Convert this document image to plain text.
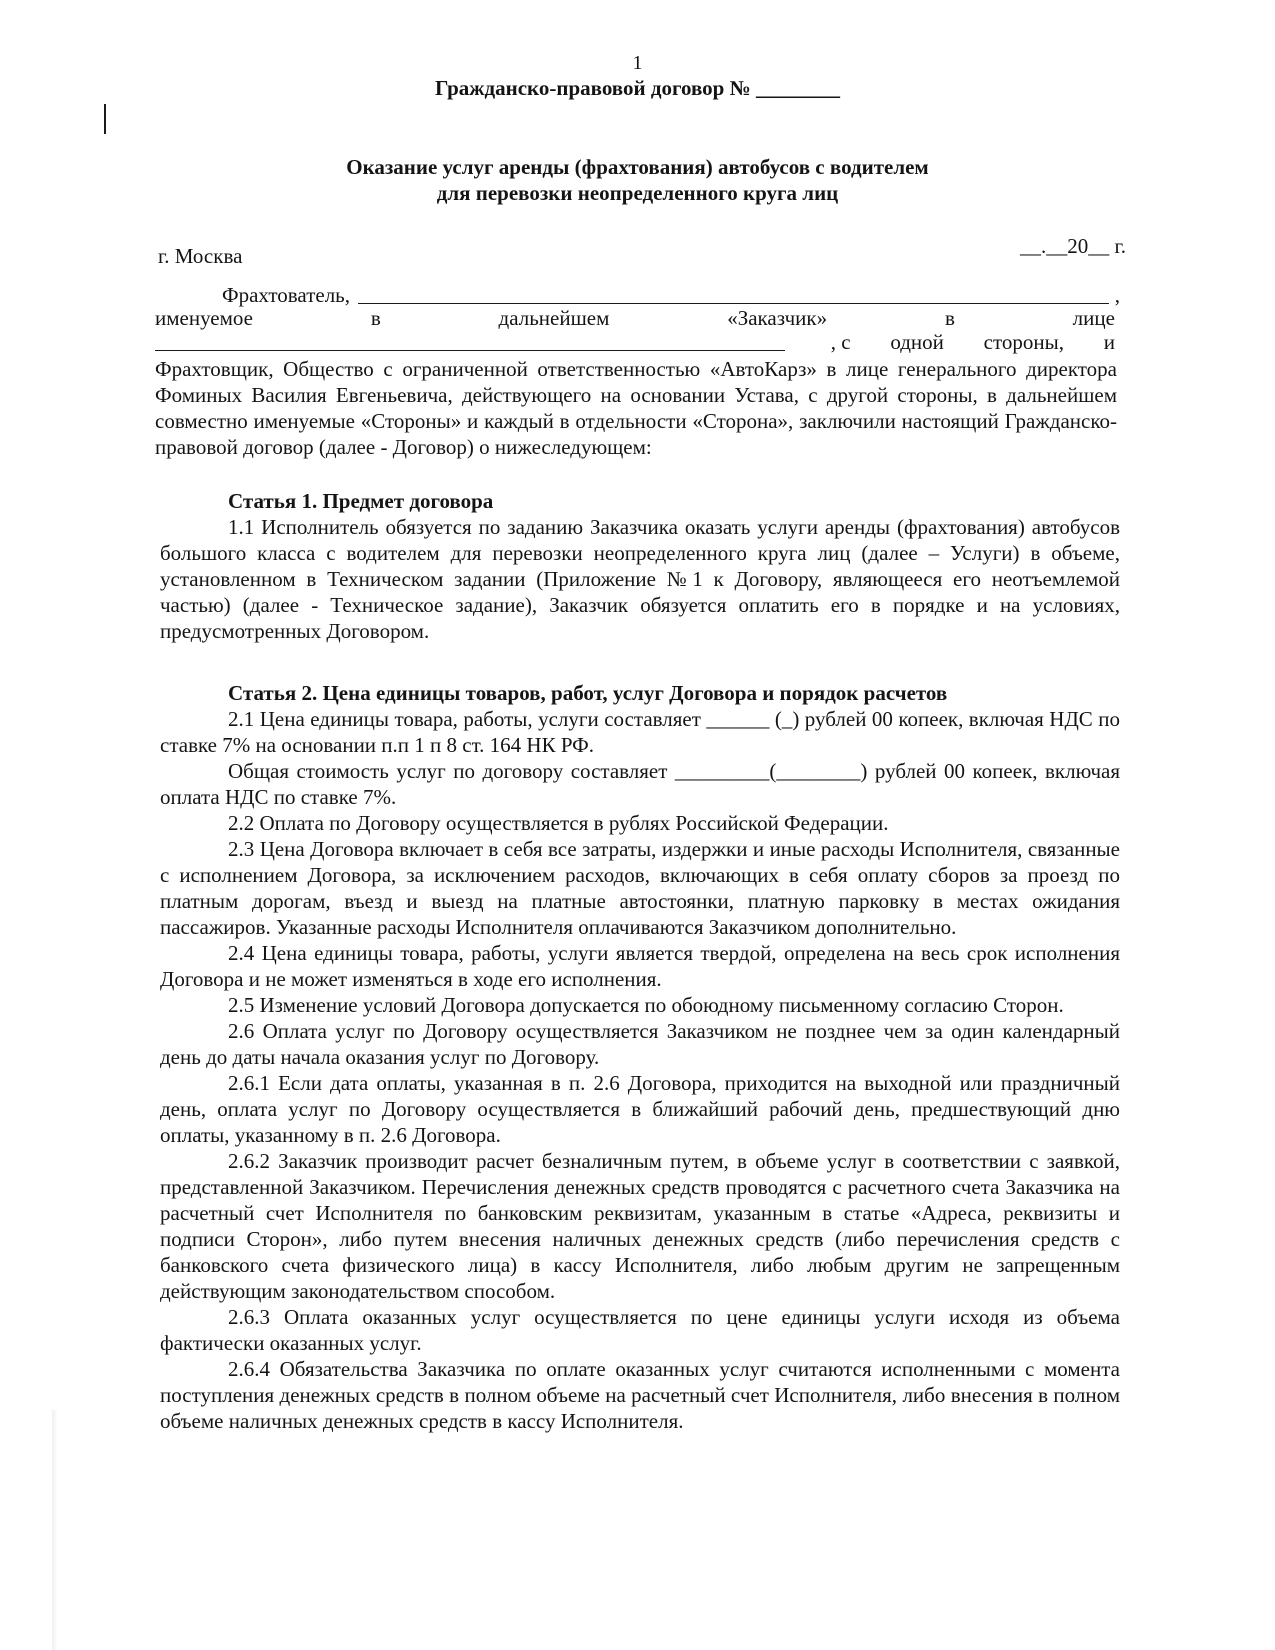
1
Гражданско-правовой договор № ________
Оказание услуг аренды (фрахтования) автобусов с водителем
для перевозки неопределенного круга лиц
г. Москва	__.__20__ г.
Фрахтователь,	,
именуемое	в	дальнейшем	«Заказчик»	в	лице
, с одной стороны, и

Фрахтовщик, Общество с ограниченной ответственностью «АвтоКарз» в лице генерального директора Фоминых Василия Евгеньевича, действующего на основании Устава, с другой стороны, в дальнейшем совместно именуемые «Стороны» и каждый в отдельности «Сторона», заключили настоящий Гражданско-правовой договор (далее - Договор) о нижеследующем:

Статья 1. Предмет договора

1.1 Исполнитель обязуется по заданию Заказчика оказать услуги аренды (фрахтования) автобусов большого класса с водителем для перевозки неопределенного круга лиц (далее – Услуги) в объеме, установленном в Техническом задании (Приложение №1 к Договору, являющееся его неотъемлемой частью) (далее - Техническое задание), Заказчик обязуется оплатить его в порядке и на условиях, предусмотренных Договором.

Статья 2. Цена единицы товаров, работ, услуг Договора и порядок расчетов

2.1 Цена единицы товара, работы, услуги составляет ______ (_) рублей 00 копеек, включая НДС по ставке 7% на основании п.п 1 п 8 ст. 164 НК РФ.

Общая стоимость услуг по договору составляет _________(________) рублей 00 копеек, включая оплата НДС по ставке 7%.

2.2 Оплата по Договору осуществляется в рублях Российской Федерации.

2.3 Цена Договора включает в себя все затраты, издержки и иные расходы Исполнителя, связанные с исполнением Договора, за исключением расходов, включающих в себя оплату сборов за проезд по платным дорогам, въезд и выезд на платные автостоянки, платную парковку в местах ожидания пассажиров. Указанные расходы Исполнителя оплачиваются Заказчиком дополнительно.

2.4 Цена единицы товара, работы, услуги является твердой, определена на весь срок исполнения Договора и не может изменяться в ходе его исполнения.

2.5 Изменение условий Договора допускается по обоюдному письменному согласию Сторон.

2.6 Оплата услуг по Договору осуществляется Заказчиком не позднее чем за один календарный день до даты начала оказания услуг по Договору.

2.6.1 Если дата оплаты, указанная в п. 2.6 Договора, приходится на выходной или праздничный день, оплата услуг по Договору осуществляется в ближайший рабочий день, предшествующий дню оплаты, указанному в п. 2.6 Договора.

2.6.2 Заказчик производит расчет безналичным путем, в объеме услуг в соответствии с заявкой, представленной Заказчиком. Перечисления денежных средств проводятся с расчетного счета Заказчика на расчетный счет Исполнителя по банковским реквизитам, указанным в статье «Адреса, реквизиты и подписи Сторон», либо путем внесения наличных денежных средств (либо перечисления средств с банковского счета физического лица) в кассу Исполнителя, либо любым другим не запрещенным действующим законодательством способом.

2.6.3 Оплата оказанных услуг осуществляется по цене единицы услуги исходя из объема фактически оказанных услуг.

2.6.4 Обязательства Заказчика по оплате оказанных услуг считаются исполненными с момента поступления денежных средств в полном объеме на расчетный счет Исполнителя, либо внесения в полном объеме наличных денежных средств в кассу Исполнителя.
